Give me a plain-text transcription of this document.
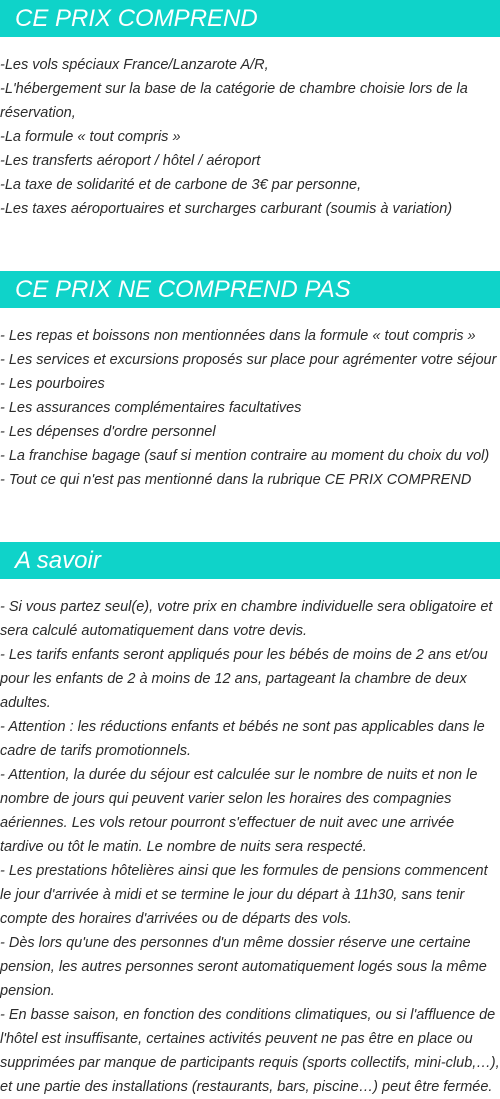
CE PRIX COMPREND
-Les vols spéciaux France/Lanzarote A/R,
-L'hébergement sur la base de la catégorie de chambre choisie lors de la réservation,
-La formule « tout compris »
-Les transferts aéroport / hôtel / aéroport
-La taxe de solidarité et de carbone de 3€ par personne,
-Les taxes aéroportuaires et surcharges carburant (soumis à variation)
CE PRIX NE COMPREND PAS
- Les repas et boissons non mentionnées dans la formule « tout compris »
- Les services et excursions proposés sur place pour agrémenter votre séjour
- Les pourboires
- Les assurances complémentaires facultatives
- Les dépenses d'ordre personnel
- La franchise bagage (sauf si mention contraire au moment du choix du vol)
- Tout ce qui n'est pas mentionné dans la rubrique CE PRIX COMPREND
A savoir
- Si vous partez seul(e), votre prix en chambre individuelle sera obligatoire et sera calculé automatiquement dans votre devis.
- Les tarifs enfants seront appliqués pour les bébés de moins de 2 ans et/ou pour les enfants de 2 à moins de 12 ans, partageant la chambre de deux adultes.
- Attention : les réductions enfants et bébés ne sont pas applicables dans le cadre de tarifs promotionnels.
- Attention, la durée du séjour est calculée sur le nombre de nuits et non le nombre de jours qui peuvent varier selon les horaires des compagnies aériennes. Les vols retour pourront s'effectuer de nuit avec une arrivée tardive ou tôt le matin. Le nombre de nuits sera respecté.
- Les prestations hôtelières ainsi que les formules de pensions commencent le jour d'arrivée à midi et se termine le jour du départ à 11h30, sans tenir compte des horaires d'arrivées ou de départs des vols.
- Dès lors qu'une des personnes d'un même dossier réserve une certaine pension, les autres personnes seront automatiquement logés sous la même pension.
- En basse saison, en fonction des conditions climatiques, ou si l'affluence de l'hôtel est insuffisante, certaines activités peuvent ne pas être en place ou supprimées par manque de participants requis (sports collectifs, mini-club,…), et une partie des installations (restaurants, bars, piscine…) peut être fermée.
